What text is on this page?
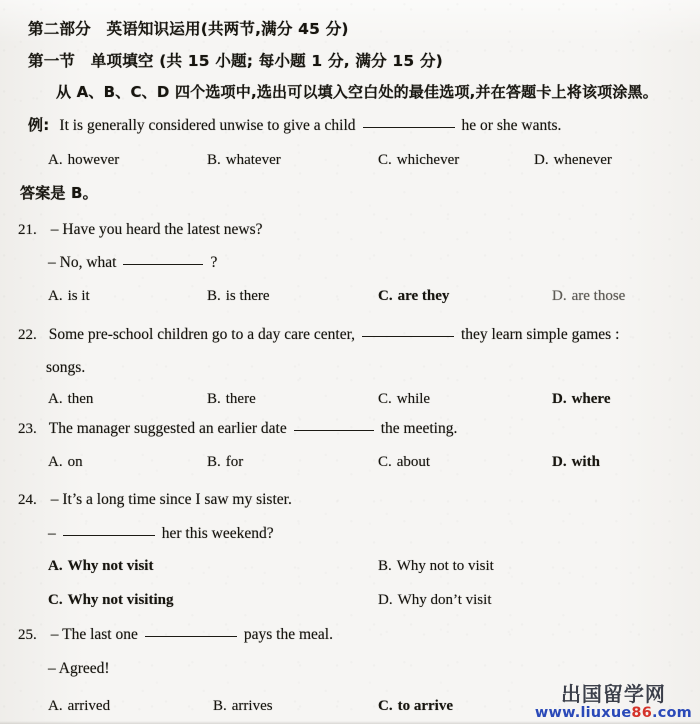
第二部分　英语知识运用(共两节,满分 45 分)
第一节　单项填空 (共 15 小题; 每小题 1 分, 满分 15 分)
从 A、B、C、D 四个选项中,选出可以填入空白处的最佳选项,并在答题卡上将该项涂黑。
例: It is generally considered unwise to give a child	he or she wants.
A. however	B. whatever	C. whichever	D. whenever
答案是 B。
21. – Have you heard the latest news?
– No, what	?
A. is it	B. is there	C. are they	D. are those
22. Some pre-school children go to a day care center,	they learn simple games :
songs.
A. then	B. there	C. while	D. where
23. The manager suggested an earlier date	the meeting.
A. on	B. for	C. about	D. with
24. – It’s a long time since I saw my sister.
–	her this weekend?
A. Why not visit	B. Why not to visit
C. Why not visiting	D. Why don’t visit
25. – The last one	pays the meal.
– Agreed!
A. arrived	B. arrives	C. to arrive
出国留学网
www.liuxue86.com
